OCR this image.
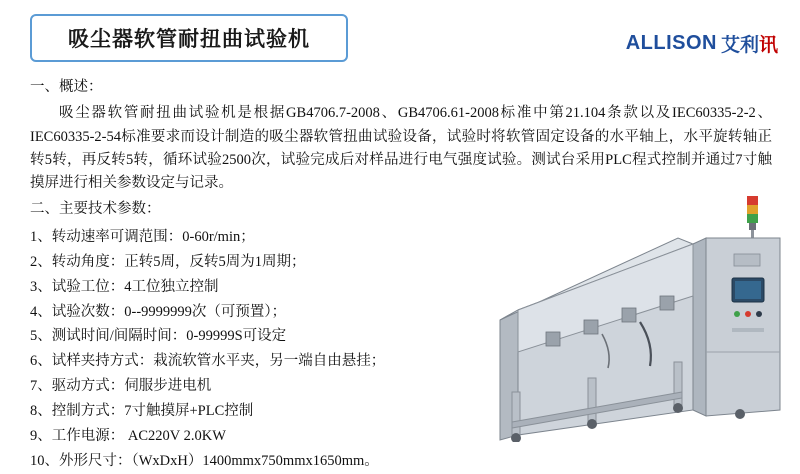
吸尘器软管耐扭曲试验机	ALLISON 艾利讯

一、概述：

吸尘器软管耐扭曲试验机是根据GB4706.7-2008、GB4706.61-2008标准中第21.104条款以及IEC60335-2-2、IEC60335-2-54标准要求而设计制造的吸尘器软管扭曲试验设备，试验时将软管固定设备的水平轴上，水平旋转轴正转5转，再反转5转，循环试验2500次，试验完成后对样品进行电气强度试验。测试台采用PLC程式控制并通过7寸触摸屏进行相关参数设定与记录。

二、主要技术参数：

1、转动速率可调范围：0-60r/min；
2、转动角度：正转5周，反转5周为1周期；
3、试验工位：4工位独立控制
4、试验次数：0--9999999次（可预置）；
5、测试时间/间隔时间：0-99999S可设定
6、试样夹持方式：栽流软管水平夹，另一端自由悬挂；
7、驱动方式：伺服步进电机
8、控制方式：7寸触摸屏+PLC控制
9、工作电源： AC220V 2.0KW
10、外形尺寸：（WxDxH）1400mmx750mmx1650mm。
